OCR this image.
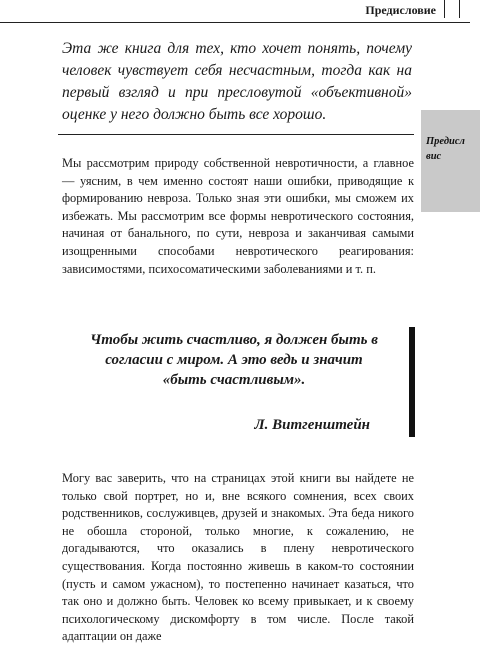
Предисловие
Эта же книга для тех, кто хочет понять, почему человек чувствует себя несчастным, тогда как на первый взгляд и при пресловутой «объективной» оценке у него должно быть все хорошо.
Предисл
вис
Мы рассмотрим природу собственной невротичности, а главное — уясним, в чем именно состоят наши ошибки, приводящие к формированию невроза. Только зная эти ошибки, мы сможем их избежать. Мы рассмотрим все формы невротического состояния, начиная от банального, по сути, невроза и заканчивая самыми изощренными способами невротического реагирования: зависимостями, психосоматическими заболеваниями и т. п.
Чтобы жить счастливо, я должен быть в согласии с миром. А это ведь и значит «быть счастливым».
Л. Витгенштейн
Могу вас заверить, что на страницах этой книги вы найдете не только свой портрет, но и, вне всякого сомнения, всех своих родственников, сослуживцев, друзей и знакомых. Эта беда никого не обошла стороной, только многие, к сожалению, не догадываются, что оказались в плену невротического существования. Когда постоянно живешь в каком-то состоянии (пусть и самом ужасном), то постепенно начинает казаться, что так оно и должно быть. Человек ко всему привыкает, и к своему психологическому дискомфорту в том числе. После такой адаптации он даже
